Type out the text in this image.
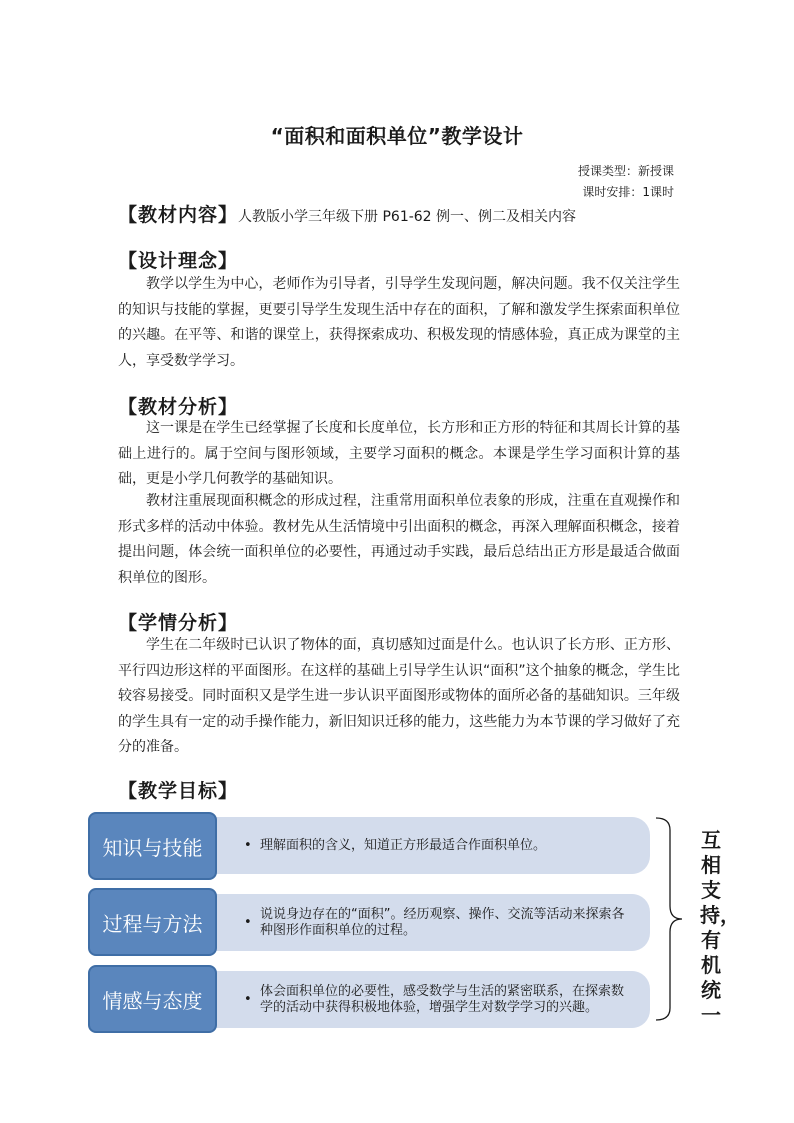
“面积和面积单位”教学设计
授课类型：新授课
课时安排：1课时
【教材内容】人教版小学三年级下册 P61-62 例一、例二及相关内容
【设计理念】

教学以学生为中心，老师作为引导者，引导学生发现问题，解决问题。我不仅关注学生的知识与技能的掌握，更要引导学生发现生活中存在的面积，了解和激发学生探索面积单位的兴趣。在平等、和谐的课堂上，获得探索成功、积极发现的情感体验，真正成为课堂的主人，享受数学学习。

【教材分析】

这一课是在学生已经掌握了长度和长度单位，长方形和正方形的特征和其周长计算的基础上进行的。属于空间与图形领域，主要学习面积的概念。本课是学生学习面积计算的基础，更是小学几何教学的基础知识。

教材注重展现面积概念的形成过程，注重常用面积单位表象的形成，注重在直观操作和形式多样的活动中体验。教材先从生活情境中引出面积的概念，再深入理解面积概念，接着提出问题，体会统一面积单位的必要性，再通过动手实践，最后总结出正方形是最适合做面积单位的图形。

【学情分析】

学生在二年级时已认识了物体的面，真切感知过面是什么。也认识了长方形、正方形、平行四边形这样的平面图形。在这样的基础上引导学生认识“面积”这个抽象的概念，学生比较容易接受。同时面积又是学生进一步认识平面图形或物体的面所必备的基础知识。三年级的学生具有一定的动手操作能力，新旧知识迁移的能力，这些能力为本节课的学习做好了充分的准备。

【教学目标】
• 理解面积的含义，知道正方形最适合作面积单位。
•
说说身边存在的“面积”。经历观察、操作、交流等活动来探索各种图形作面积单位的过程。
•
体会面积单位的必要性，感受数学与生活的紧密联系，在探索数学的活动中获得积极地体验，增强学生对数学学习的兴趣。
知识与技能
过程与方法
情感与态度
互相支持，有机统一
